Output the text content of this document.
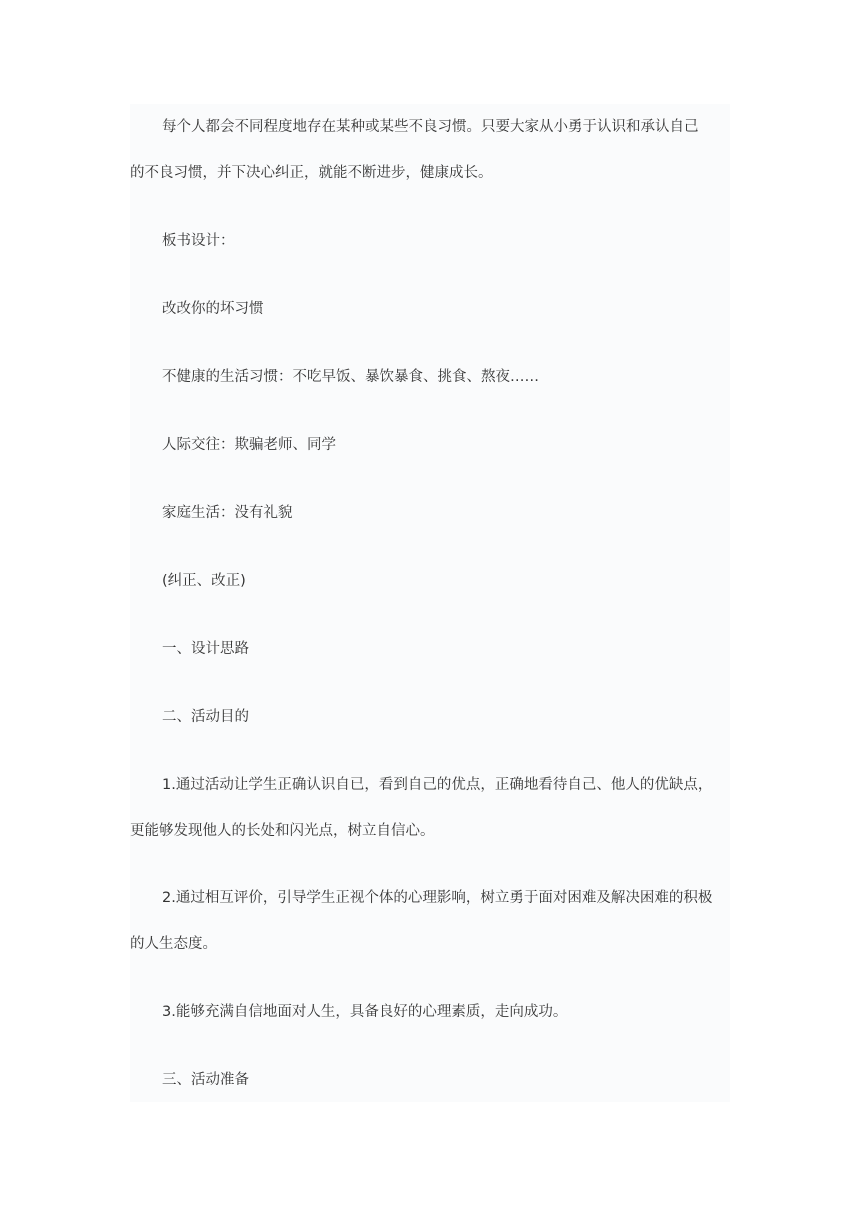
每个人都会不同程度地存在某种或某些不良习惯。只要大家从小勇于认识和承认自己
的不良习惯，并下决心纠正，就能不断进步，健康成长。
板书设计：
改改你的坏习惯
不健康的生活习惯：不吃早饭、暴饮暴食、挑食、熬夜……
人际交往：欺骗老师、同学
家庭生活：没有礼貌
(纠正、改正)
一、设计思路
二、活动目的
1.通过活动让学生正确认识自已，看到自己的优点，正确地看待自己、他人的优缺点，
更能够发现他人的长处和闪光点，树立自信心。
2.通过相互评价，引导学生正视个体的心理影响，树立勇于面对困难及解决困难的积极
的人生态度。
3.能够充满自信地面对人生，具备良好的心理素质，走向成功。
三、活动准备
